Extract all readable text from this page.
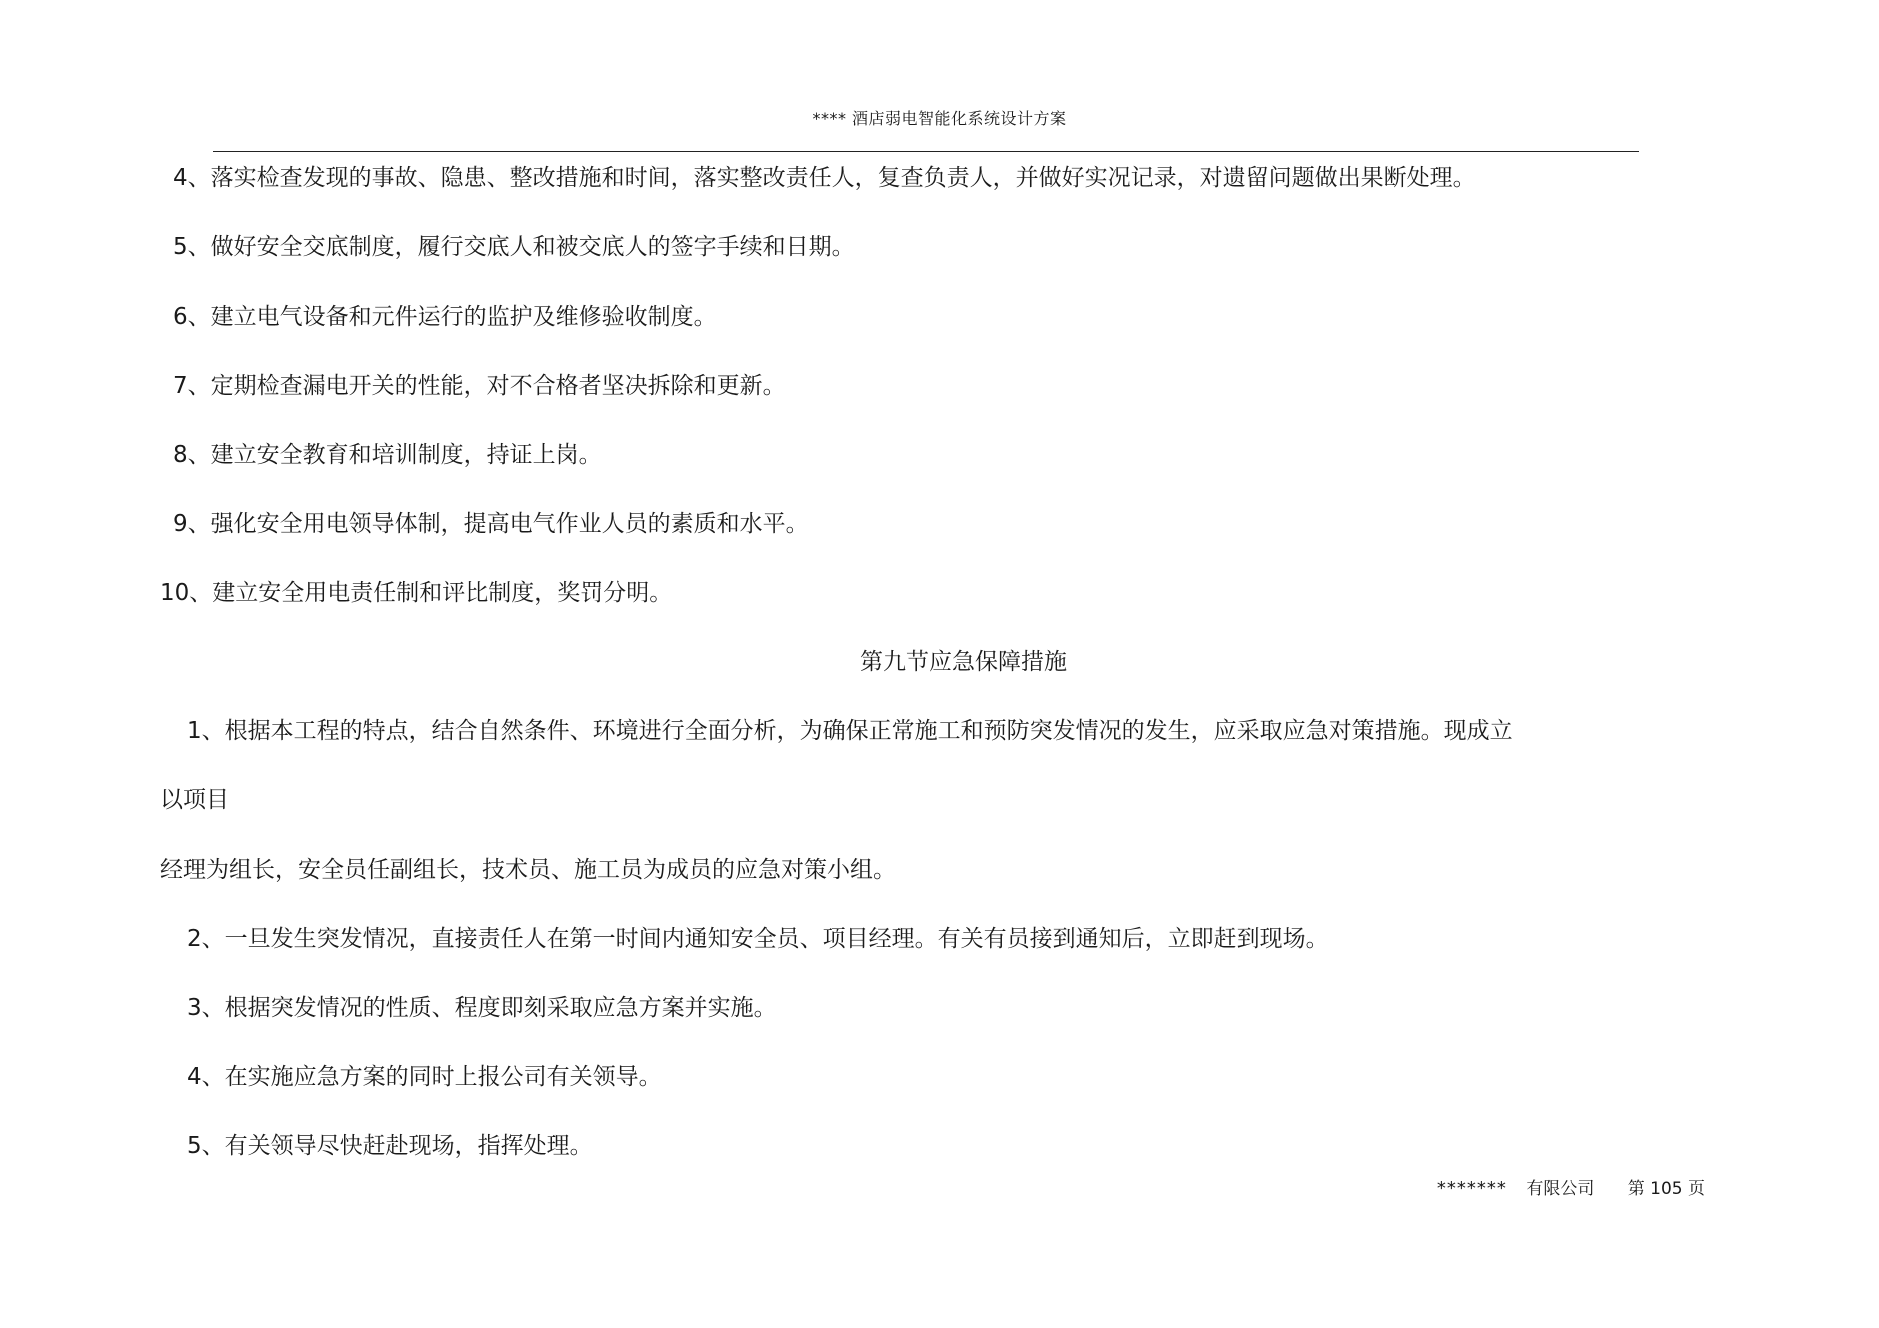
**** 酒店弱电智能化系统设计方案
4、落实检查发现的事故、隐患、整改措施和时间，落实整改责任人，复查负责人，并做好实况记录，对遗留问题做出果断处理。
5、做好安全交底制度，履行交底人和被交底人的签字手续和日期。
6、建立电气设备和元件运行的监护及维修验收制度。
7、定期检查漏电开关的性能，对不合格者坚决拆除和更新。
8、建立安全教育和培训制度，持证上岗。
9、强化安全用电领导体制，提高电气作业人员的素质和水平。
10、建立安全用电责任制和评比制度，奖罚分明。
第九节应急保障措施
1、根据本工程的特点，结合自然条件、环境进行全面分析，为确保正常施工和预防突发情况的发生，应采取应急对策措施。现成立
以项目
经理为组长，安全员任副组长，技术员、施工员为成员的应急对策小组。
2、一旦发生突发情况，直接责任人在第一时间内通知安全员、项目经理。有关有员接到通知后，立即赶到现场。
3、根据突发情况的性质、程度即刻采取应急方案并实施。
4、在实施应急方案的同时上报公司有关领导。
5、有关领导尽快赶赴现场，指挥处理。
******* 有限公司 第 105 页
